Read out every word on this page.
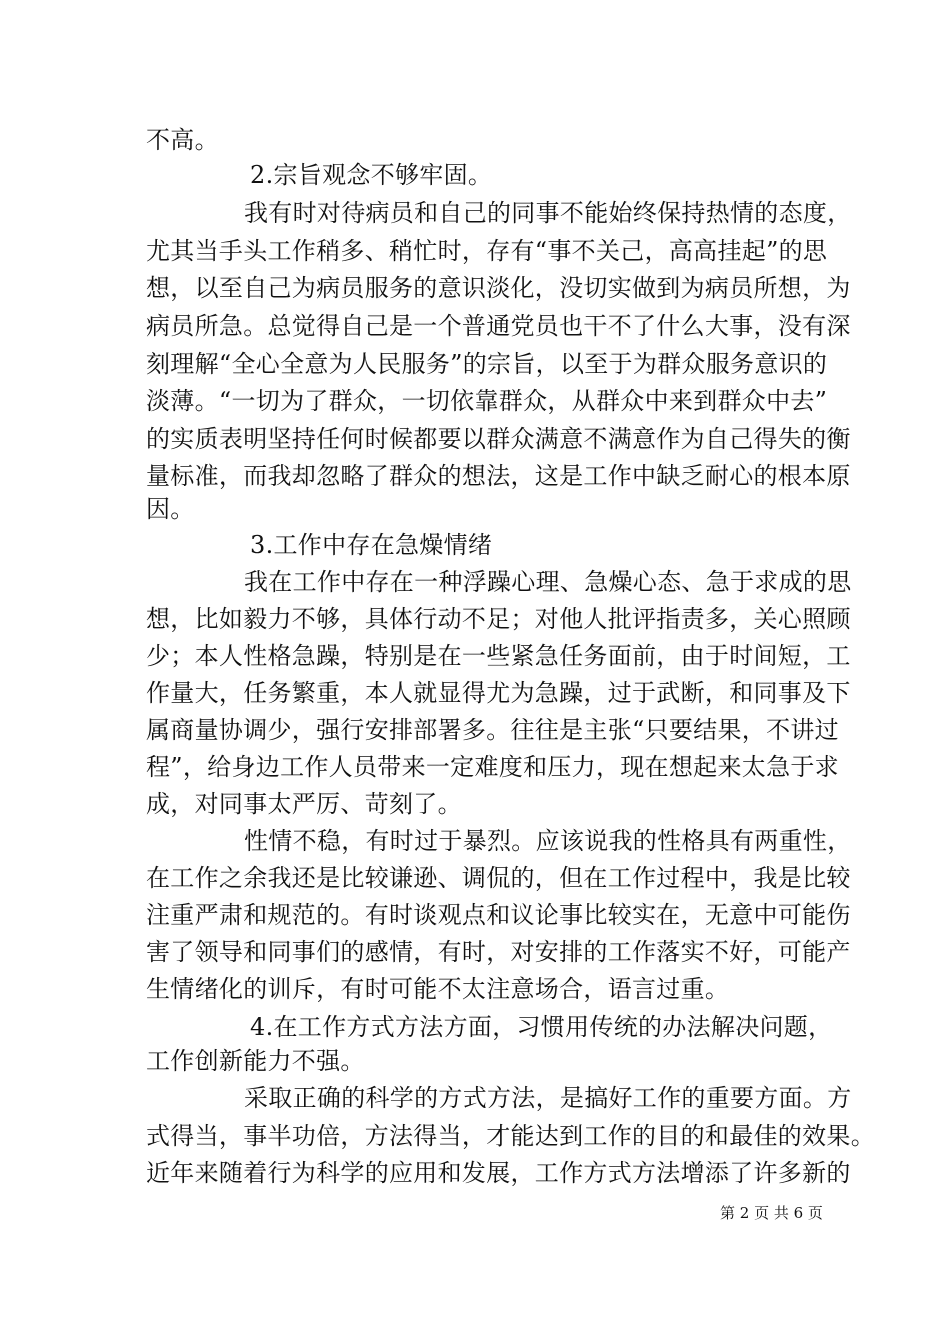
不高。
2.宗旨观念不够牢固。
我有时对待病员和自己的同事不能始终保持热情的态度，
尤其当手头工作稍多、稍忙时，存有“事不关己，高高挂起”的思
想，以至自己为病员服务的意识淡化，没切实做到为病员所想，为
病员所急。总觉得自己是一个普通党员也干不了什么大事，没有深
刻理解“全心全意为人民服务”的宗旨，以至于为群众服务意识的
淡薄。“一切为了群众，一切依靠群众，从群众中来到群众中去”
的实质表明坚持任何时候都要以群众满意不满意作为自己得失的衡
量标准，而我却忽略了群众的想法，这是工作中缺乏耐心的根本原
因。
3.工作中存在急燥情绪
我在工作中存在一种浮躁心理、急燥心态、急于求成的思
想，比如毅力不够，具体行动不足；对他人批评指责多，关心照顾
少；本人性格急躁，特别是在一些紧急任务面前，由于时间短，工
作量大，任务繁重，本人就显得尤为急躁，过于武断，和同事及下
属商量协调少，强行安排部署多。往往是主张“只要结果，不讲过
程”，给身边工作人员带来一定难度和压力，现在想起来太急于求
成，对同事太严厉、苛刻了。
性情不稳，有时过于暴烈。应该说我的性格具有两重性，
在工作之余我还是比较谦逊、调侃的，但在工作过程中，我是比较
注重严肃和规范的。有时谈观点和议论事比较实在，无意中可能伤
害了领导和同事们的感情，有时，对安排的工作落实不好，可能产
生情绪化的训斥，有时可能不太注意场合，语言过重。
4.在工作方式方法方面，习惯用传统的办法解决问题，
工作创新能力不强。
采取正确的科学的方式方法，是搞好工作的重要方面。方
式得当，事半功倍，方法得当，才能达到工作的目的和最佳的效果。
近年来随着行为科学的应用和发展，工作方式方法增添了许多新的
第 2 页 共 6 页
